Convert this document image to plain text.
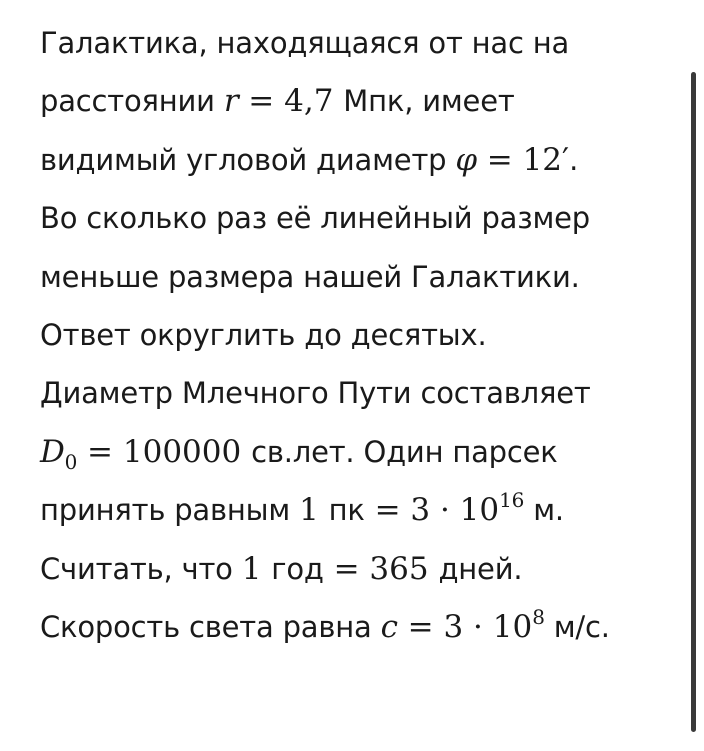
Галактика, находящаяся от нас на
расстоянии r = 4,7 Мпк, имеет
видимый угловой диаметр φ = 12′.
Во сколько раз её линейный размер
меньше размера нашей Галактики.
Ответ округлить до десятых.
Диаметр Млечного Пути составляет
$D_0 = 100000$ св.лет. Один парсек
принять равным 1 пк = $3 \cdot 10^{16}$ м.
Считать, что 1 год = 365 дней.
Скорость света равна $c = 3 \cdot 10^8$ м/с.
